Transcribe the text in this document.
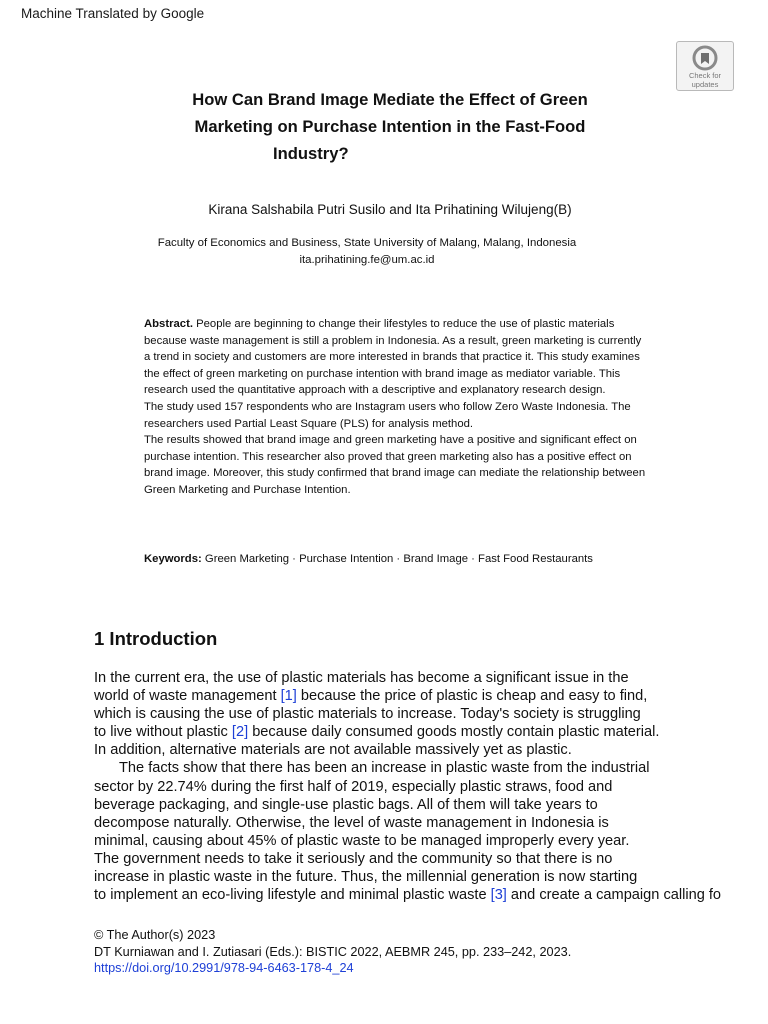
Machine Translated by Google
Check for
updates
How Can Brand Image Mediate the Effect of Green
Marketing on Purchase Intention in the Fast-Food
Industry?
Kirana Salshabila Putri Susilo and Ita Prihatining Wilujeng(B)
Faculty of Economics and Business, State University of Malang, Malang, Indonesia
ita.prihatining.fe@um.ac.id

Abstract. People are beginning to change their lifestyles to reduce the use of plastic materials because waste management is still a problem in Indonesia. As a result, green marketing is currently a trend in society and customers are more interested in brands that practice it. This study examines the effect of green marketing on purchase intention with brand image as mediator variable. This research used the quantitative approach with a descriptive and explanatory research design.

The study used 157 respondents who are Instagram users who follow Zero Waste Indonesia. The researchers used Partial Least Square (PLS) for analysis method.

The results showed that brand image and green marketing have a positive and significant effect on purchase intention. This researcher also proved that green marketing also has a positive effect on brand image. Moreover, this study confirmed that brand image can mediate the relationship between Green Marketing and Purchase Intention.

Keywords: Green Marketing · Purchase Intention · Brand Image · Fast Food Restaurants
1 Introduction
In the current era, the use of plastic materials has become a significant issue in the
world of waste management [1] because the price of plastic is cheap and easy to find,
which is causing the use of plastic materials to increase. Today's society is struggling
to live without plastic [2] because daily consumed goods mostly contain plastic material.
In addition, alternative materials are not available massively yet as plastic.
The facts show that there has been an increase in plastic waste from the industrial
sector by 22.74% during the first half of 2019, especially plastic straws, food and
beverage packaging, and single-use plastic bags. All of them will take years to
decompose naturally. Otherwise, the level of waste management in Indonesia is
minimal, causing about 45% of plastic waste to be managed improperly every year.
The government needs to take it seriously and the community so that there is no
increase in plastic waste in the future. Thus, the millennial generation is now starting
to implement an eco-living lifestyle and minimal plastic waste [3] and create a campaign calling fo
© The Author(s) 2023
DT Kurniawan and I. Zutiasari (Eds.): BISTIC 2022, AEBMR 245, pp. 233–242, 2023.
https://doi.org/10.2991/978-94-6463-178-4_24
